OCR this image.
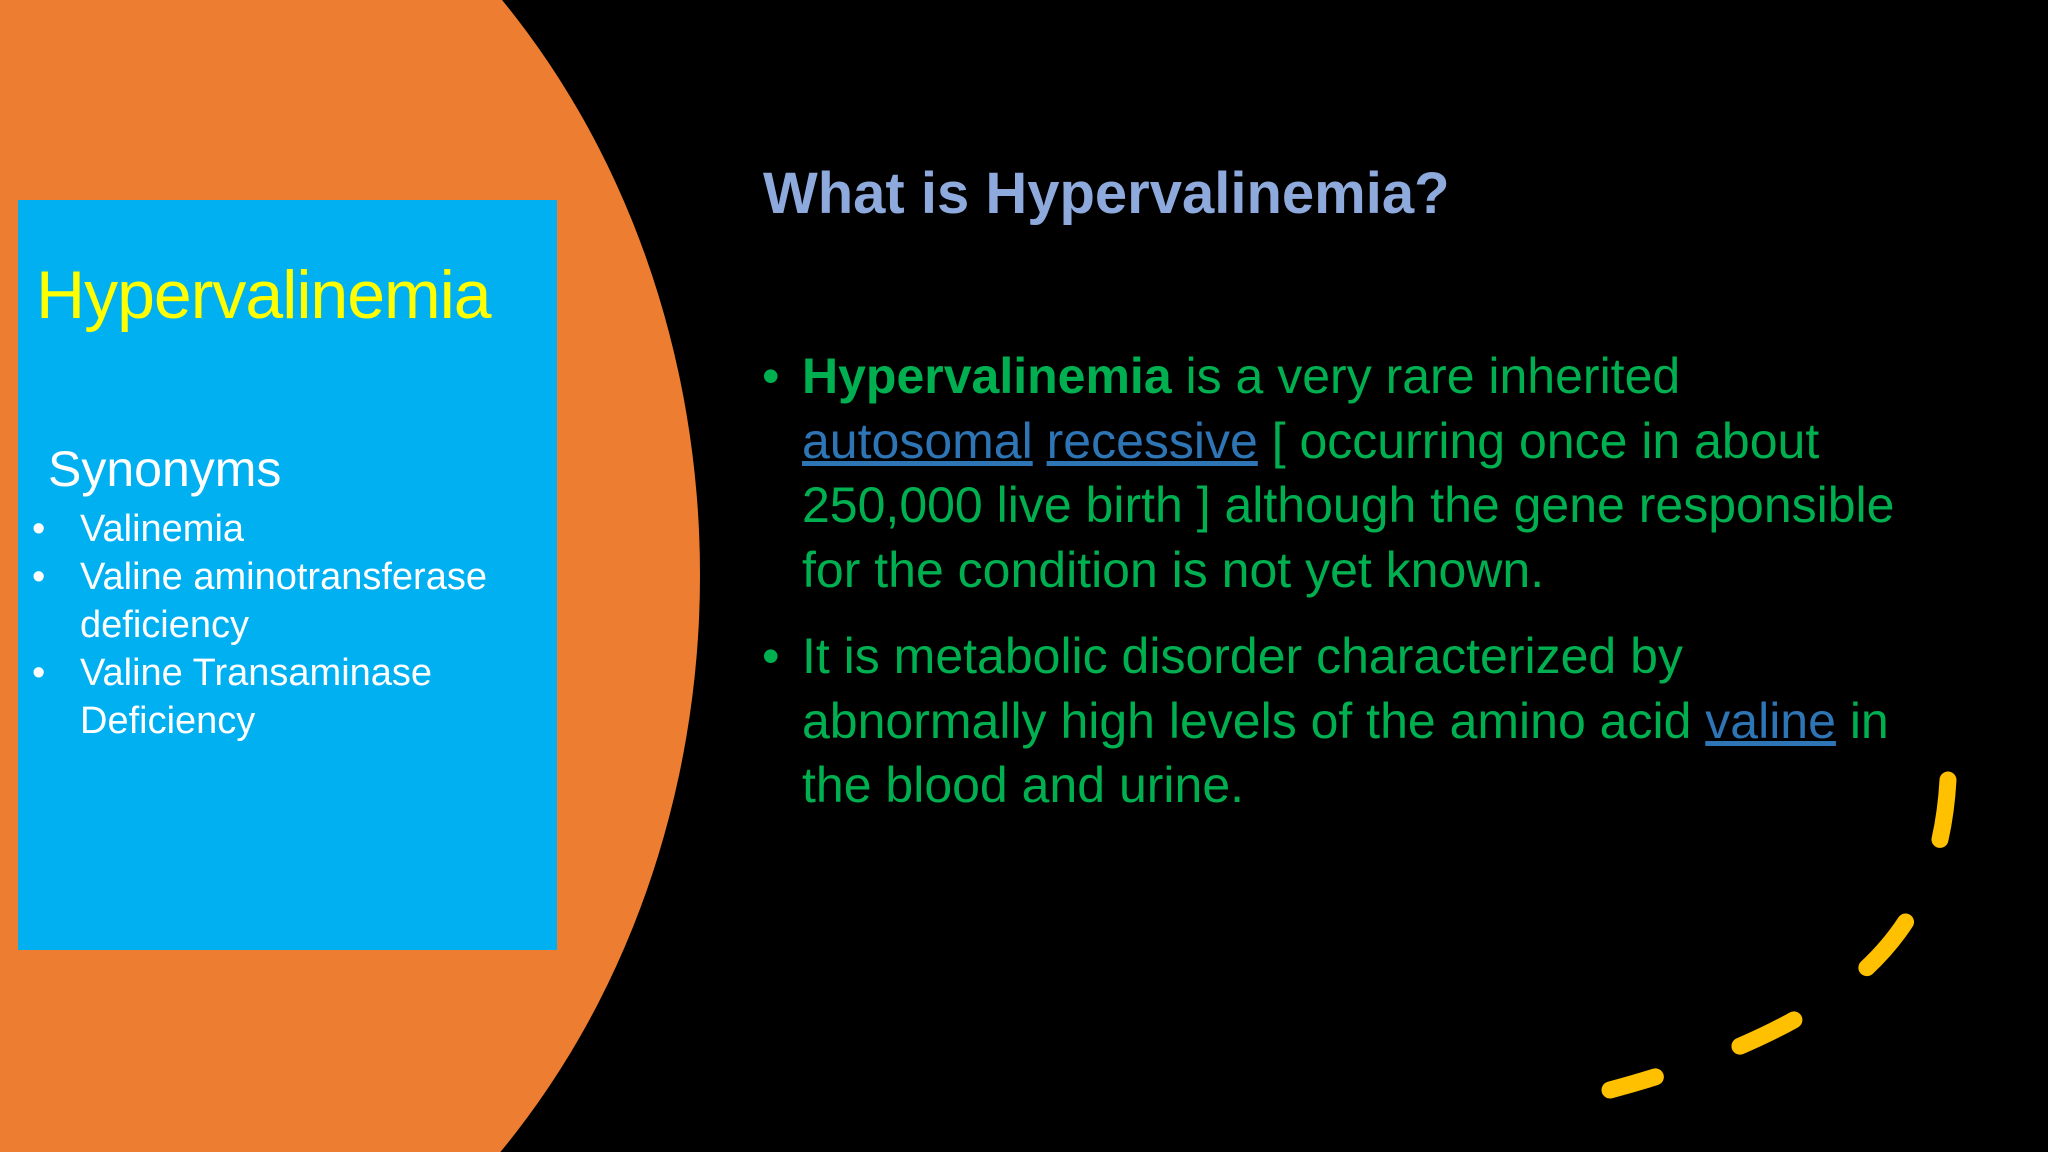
Hypervalinemia
Synonyms
• Valinemia
• Valine aminotransferase deficiency
• Valine Transaminase Deficiency
What is Hypervalinemia?
• Hypervalinemia is a very rare inherited autosomal recessive [ occurring once in about 250,000 live birth ] although the gene responsible for the condition is not yet known.
• It is metabolic disorder characterized by abnormally high levels of the amino acid valine in the blood and urine.
